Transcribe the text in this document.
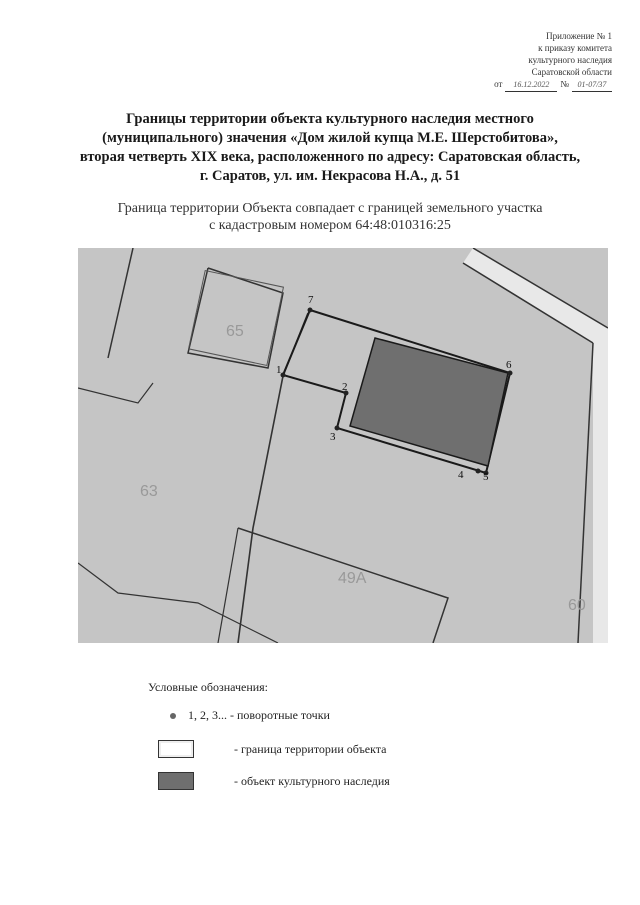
Приложение № 1
к приказу комитета
культурного наследия
Саратовской области
от	16.12.2022	№	01-07/37
Границы территории объекта культурного наследия местного
(муниципального) значения «Дом жилой купца М.Е. Шерстобитова»,
вторая четверть XIX века, расположенного по адресу: Саратовская область,
г. Саратов, ул. им. Некрасова Н.А., д. 51
Граница территории Объекта совпадает с границей земельного участка
с кадастровым номером 64:48:010316:25
7
1
2
3
4 5
6
65
63
49А
60
Условные обозначения:
1, 2, 3... - поворотные точки
- граница территории объекта
- объект культурного наследия
